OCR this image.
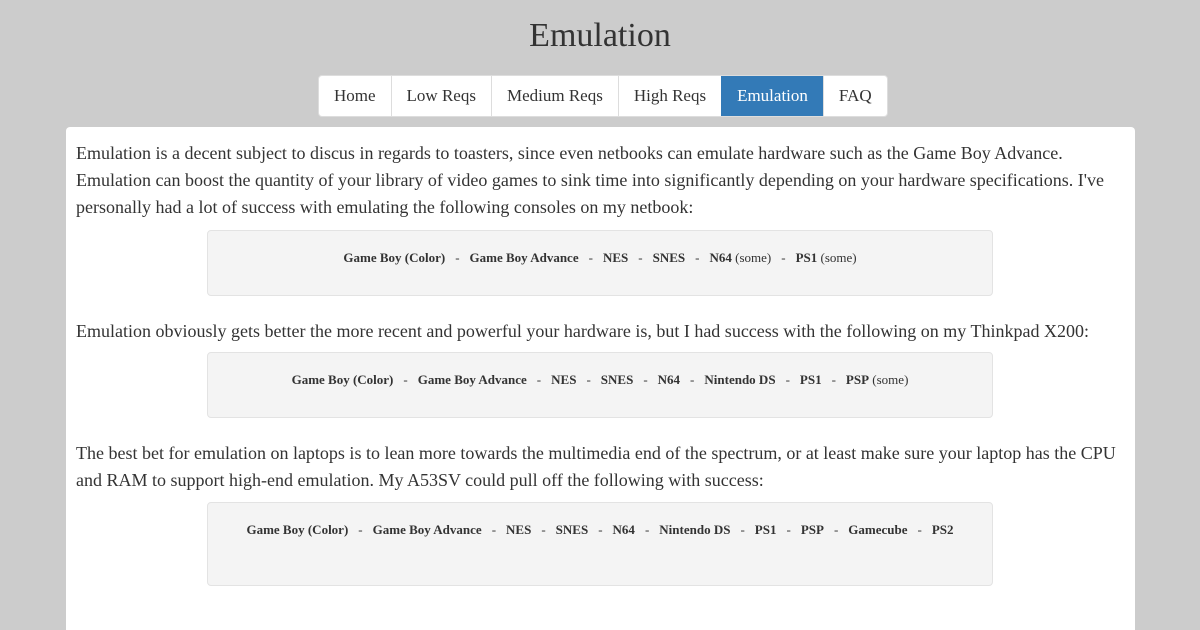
Emulation
Home	Low Reqs	Medium Reqs	High Reqs	Emulation	FAQ

Emulation is a decent subject to discus in regards to toasters, since even netbooks can emulate hardware such as the Game Boy Advance. Emulation can boost the quantity of your library of video games to sink time into significantly depending on your hardware specifications. I've personally had a lot of success with emulating the following consoles on my netbook:

Game Boy (Color) - Game Boy Advance - NES - SNES - N64 (some) - PS1 (some)

Emulation obviously gets better the more recent and powerful your hardware is, but I had success with the following on my Thinkpad X200:

Game Boy (Color) - Game Boy Advance - NES - SNES - N64 - Nintendo DS - PS1 - PSP (some)

The best bet for emulation on laptops is to lean more towards the multimedia end of the spectrum, or at least make sure your laptop has the CPU and RAM to support high-end emulation. My A53SV could pull off the following with success:

Game Boy (Color) - Game Boy Advance - NES - SNES - N64 - Nintendo DS - PS1 - PSP - Gamecube - PS2
